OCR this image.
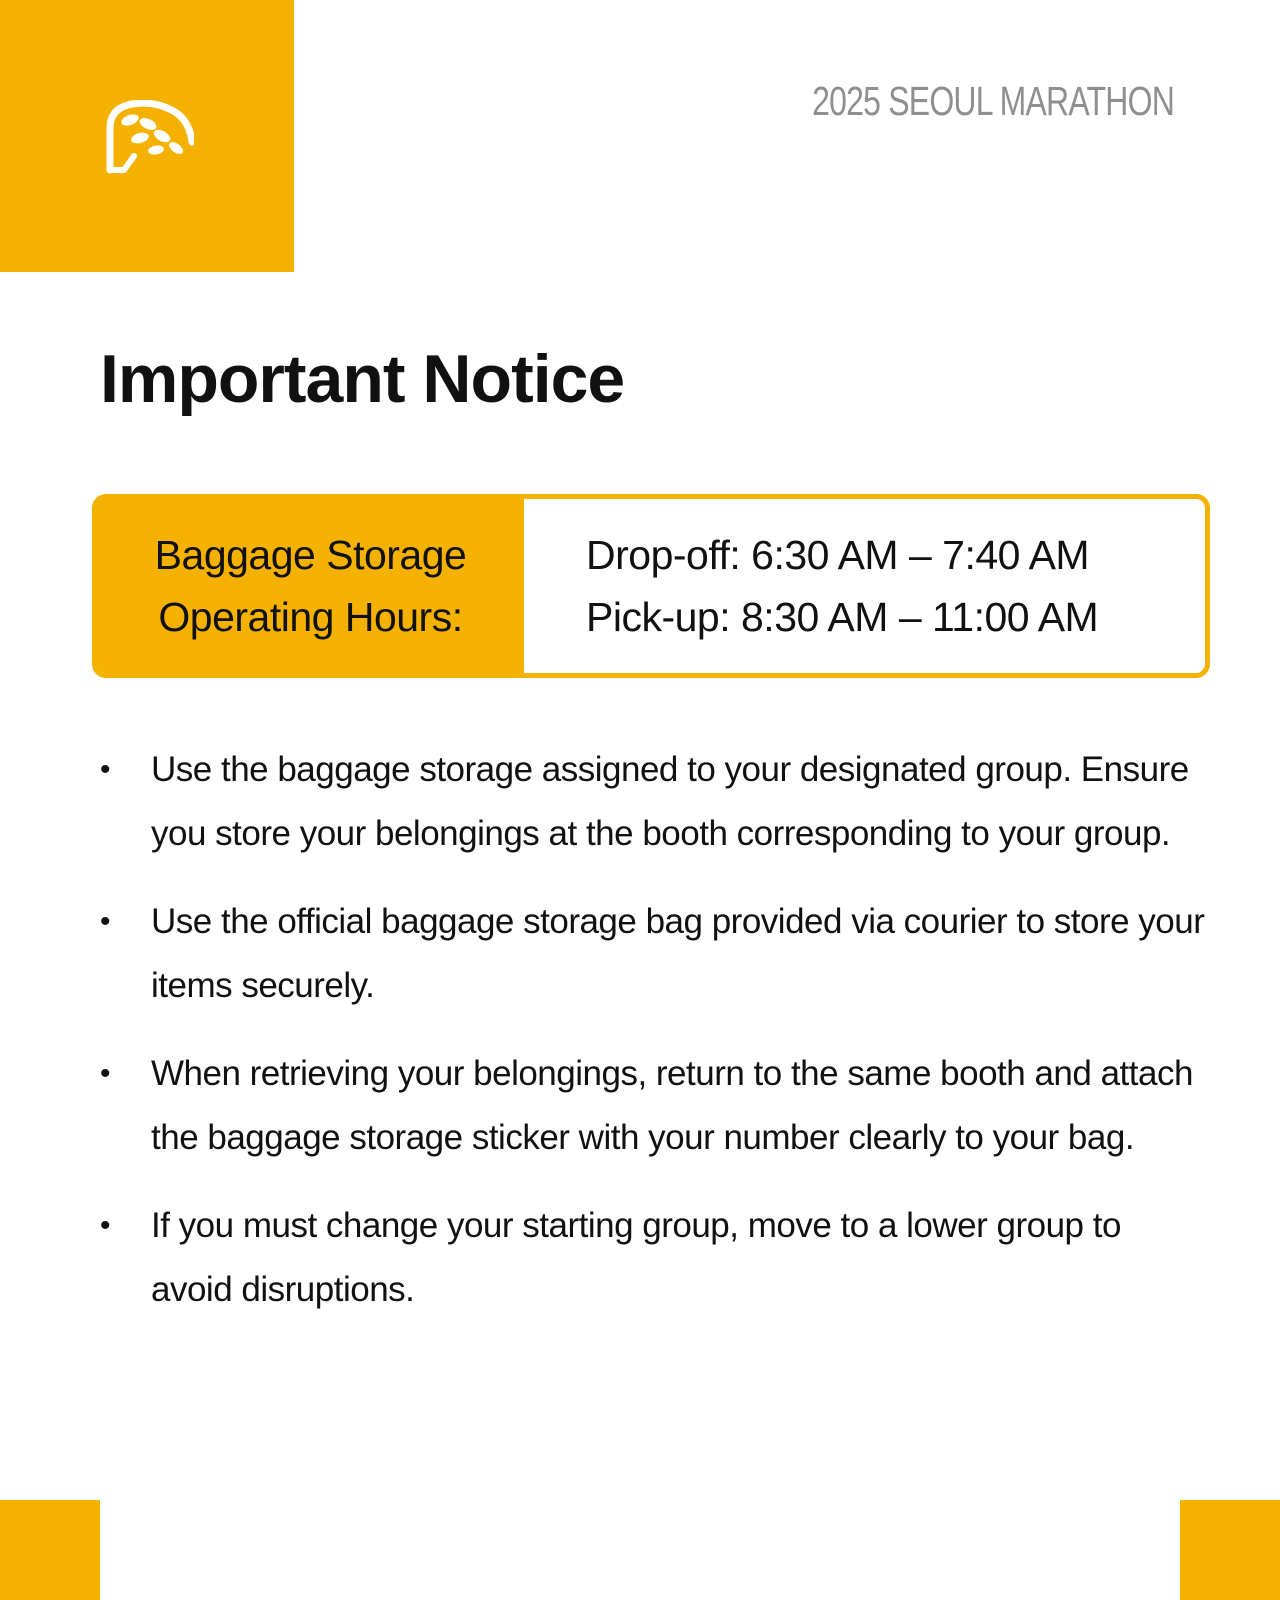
2025 SEOUL MARATHON
Important Notice
Baggage Storage
Operating Hours:
Drop-off: 6:30 AM – 7:40 AM
Pick-up: 8:30 AM – 11:00 AM
• Use the baggage storage assigned to your designated group. Ensure you store your belongings at the booth corresponding to your group.
• Use the official baggage storage bag provided via courier to store your items securely.
• When retrieving your belongings, return to the same booth and attach the baggage storage sticker with your number clearly to your bag.
• If you must change your starting group, move to a lower group to avoid disruptions.
